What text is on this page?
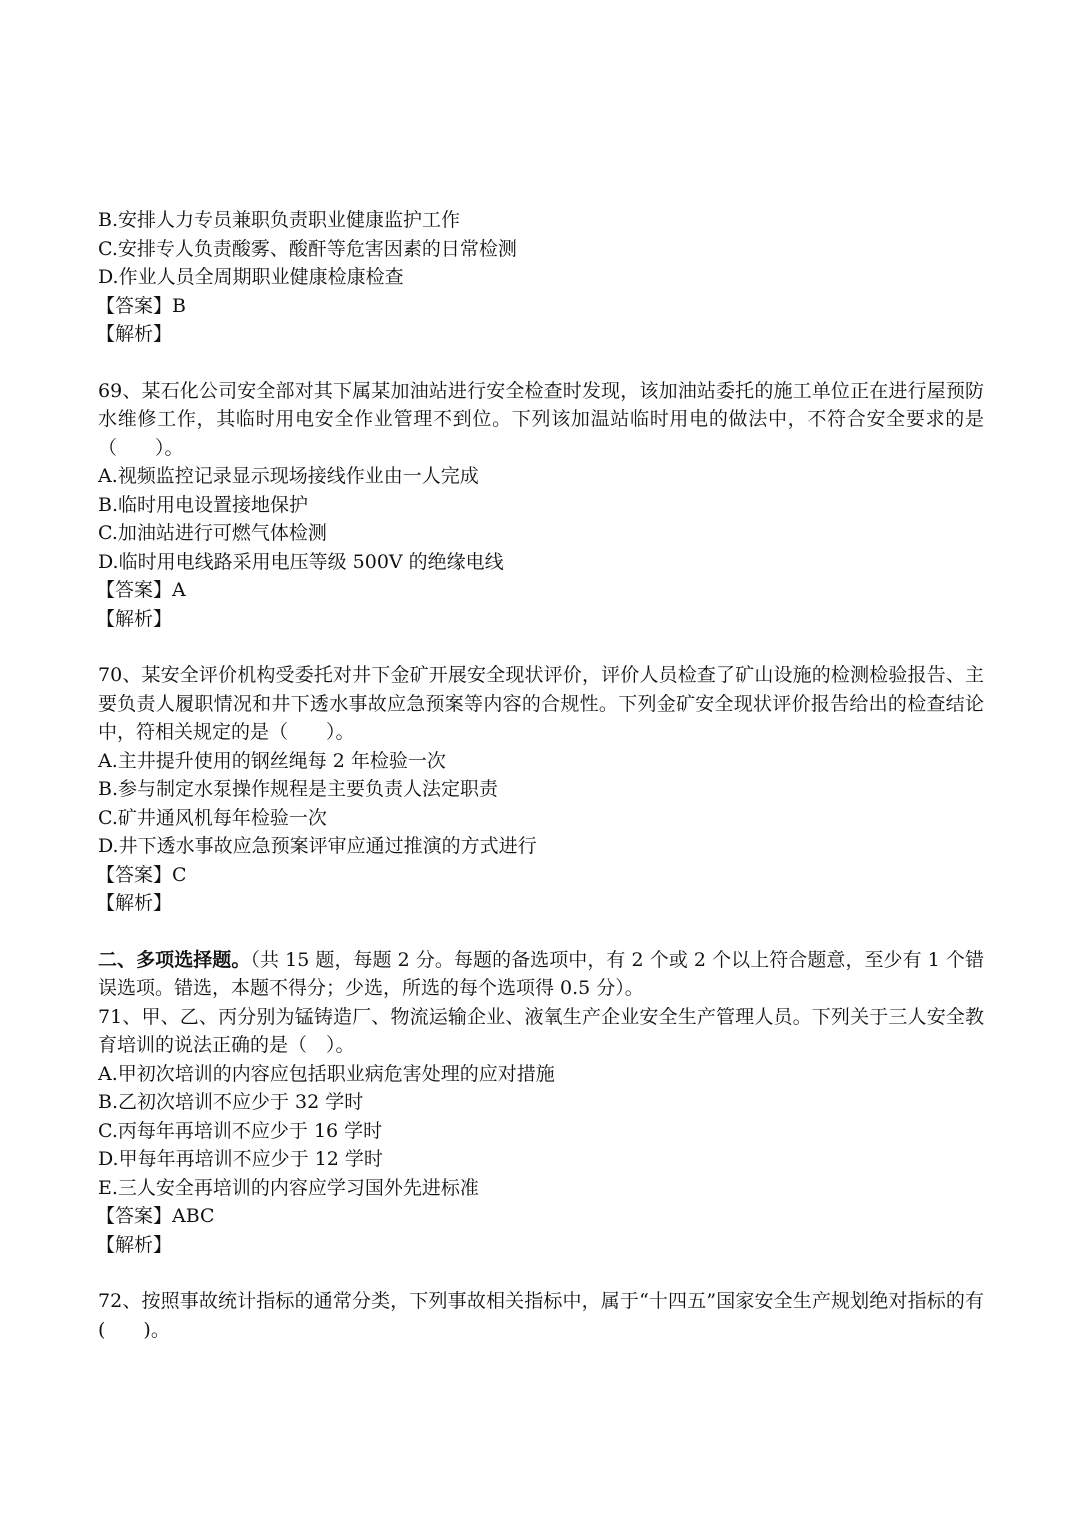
B.安排人力专员兼职负责职业健康监护工作
C.安排专人负责酸雾、酸酐等危害因素的日常检测
D.作业人员全周期职业健康检康检查
【答案】B
【解析】
69、某石化公司安全部对其下属某加油站进行安全检查时发现，该加油站委托的施工单位正在进行屋预防水维修工作，其临时用电安全作业管理不到位。下列该加温站临时用电的做法中，不符合安全要求的是（　　）。
A.视频监控记录显示现场接线作业由一人完成
B.临时用电设置接地保护
C.加油站进行可燃气体检测
D.临时用电线路采用电压等级 500V 的绝缘电线
【答案】A
【解析】
70、某安全评价机构受委托对井下金矿开展安全现状评价，评价人员检查了矿山设施的检测检验报告、主要负责人履职情况和井下透水事故应急预案等内容的合规性。下列金矿安全现状评价报告给出的检查结论中，符相关规定的是（　　）。
A.主井提升使用的钢丝绳每 2 年检验一次
B.参与制定水泵操作规程是主要负责人法定职责
C.矿井通风机每年检验一次
D.井下透水事故应急预案评审应通过推演的方式进行
【答案】C
【解析】
二、多项选择题。（共 15 题，每题 2 分。每题的备选项中，有 2 个或 2 个以上符合题意，至少有 1 个错误选项。错选，本题不得分；少选，所选的每个选项得 0.5 分）。
71、甲、乙、丙分别为锰铸造厂、物流运输企业、液氧生产企业安全生产管理人员。下列关于三人安全教育培训的说法正确的是（　）。
A.甲初次培训的内容应包括职业病危害处理的应对措施
B.乙初次培训不应少于 32 学时
C.丙每年再培训不应少于 16 学时
D.甲每年再培训不应少于 12 学时
E.三人安全再培训的内容应学习国外先进标准
【答案】ABC
【解析】
72、按照事故统计指标的通常分类，下列事故相关指标中，属于“十四五”国家安全生产规划绝对指标的有(　　)。
